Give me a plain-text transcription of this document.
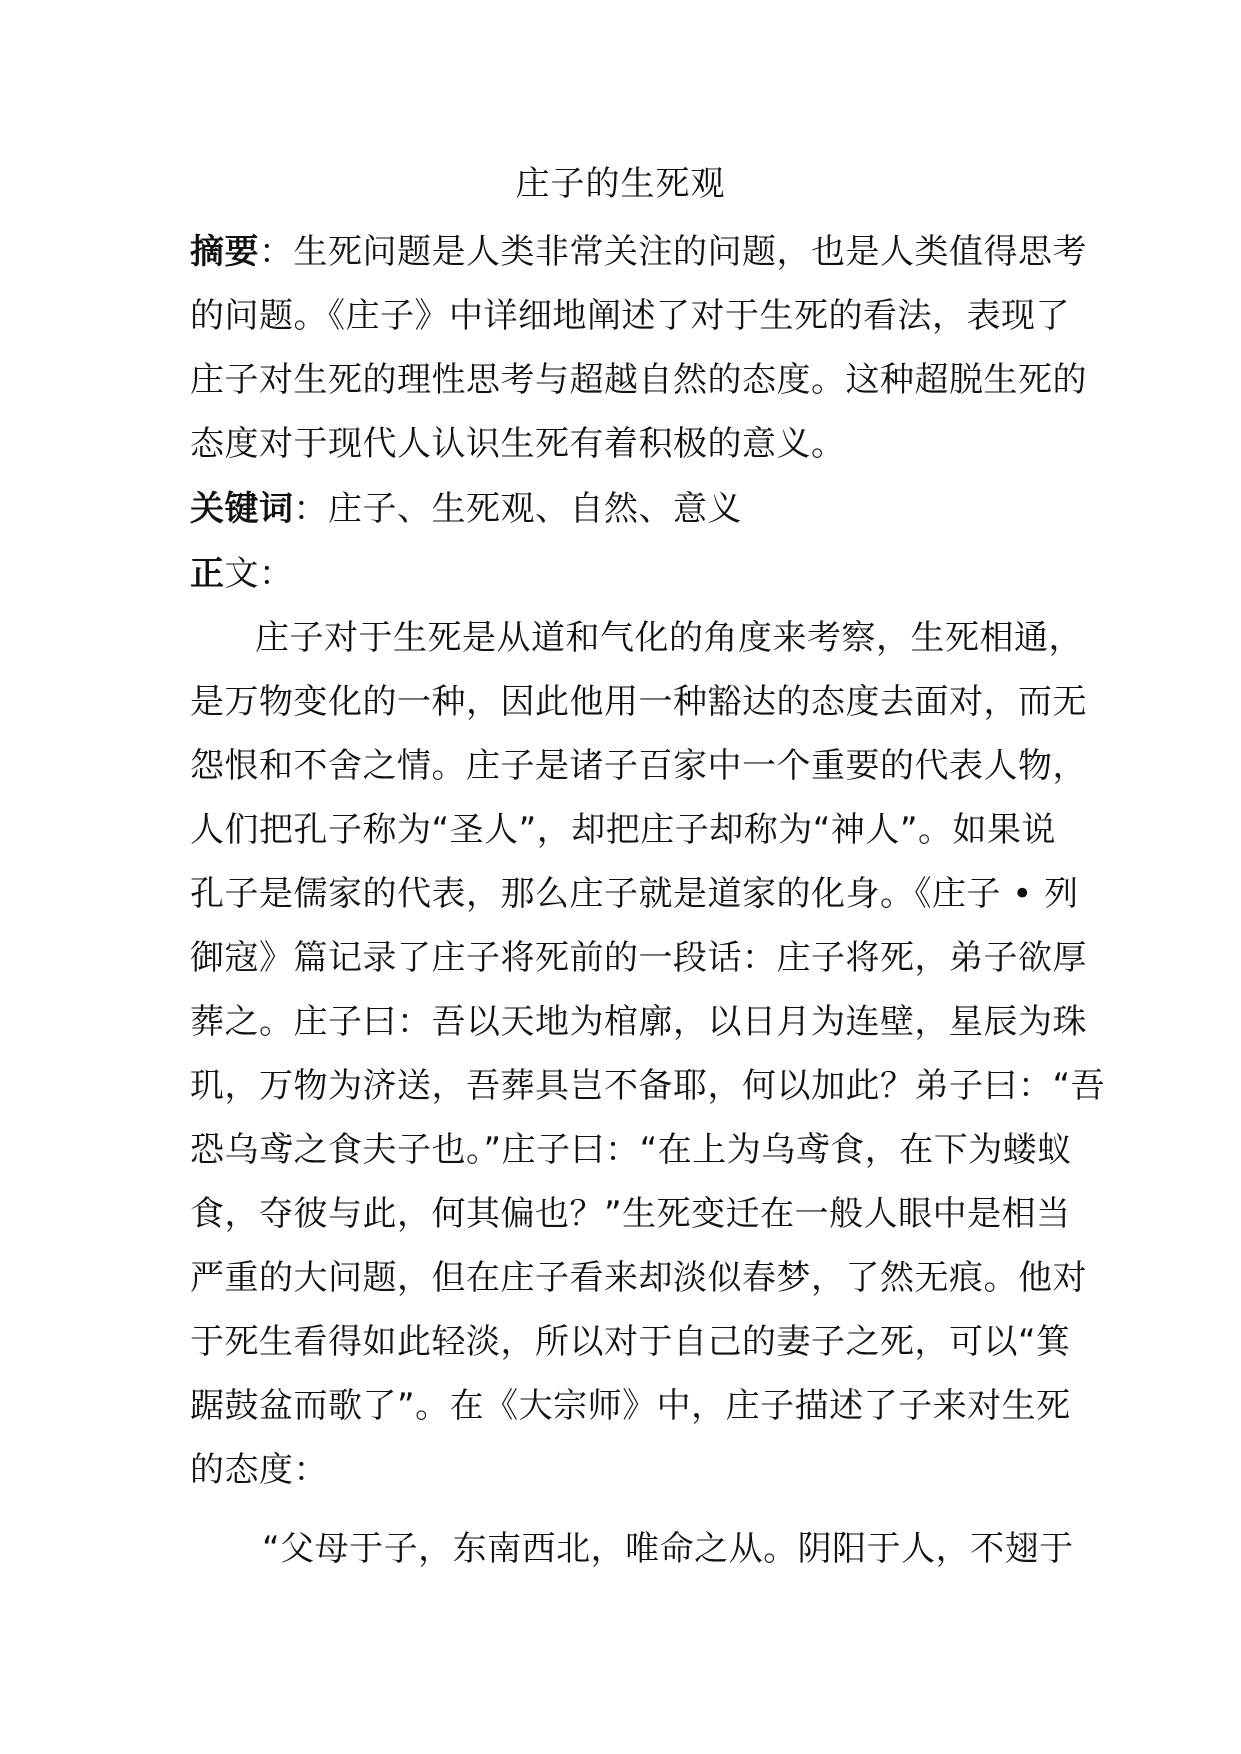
庄子的生死观
摘要：生死问题是人类非常关注的问题，也是人类值得思考
的问题。《庄子》中详细地阐述了对于生死的看法，表现了
庄子对生死的理性思考与超越自然的态度。这种超脱生死的
态度对于现代人认识生死有着积极的意义。
关键词：庄子、生死观、自然、意义
正文：
庄子对于生死是从道和气化的角度来考察，生死相通，
是万物变化的一种，因此他用一种豁达的态度去面对，而无
怨恨和不舍之情。庄子是诸子百家中一个重要的代表人物，
人们把孔子称为“圣人”，却把庄子却称为“神人”。如果说
孔子是儒家的代表，那么庄子就是道家的化身。《庄子 • 列
御寇》篇记录了庄子将死前的一段话：庄子将死，弟子欲厚
葬之。庄子曰：吾以天地为棺廓，以日月为连壁，星辰为珠
玑，万物为济送，吾葬具岂不备耶，何以加此？弟子曰：“吾
恐乌鸢之食夫子也。”庄子曰：“在上为乌鸢食，在下为蝼蚁
食，夺彼与此，何其偏也？”生死变迁在一般人眼中是相当
严重的大问题，但在庄子看来却淡似春梦，了然无痕。他对
于死生看得如此轻淡，所以对于自己的妻子之死，可以“箕
踞鼓盆而歌了”。在《大宗师》中，庄子描述了子来对生死
的态度：
“父母于子，东南西北，唯命之从。阴阳于人，不翅于
